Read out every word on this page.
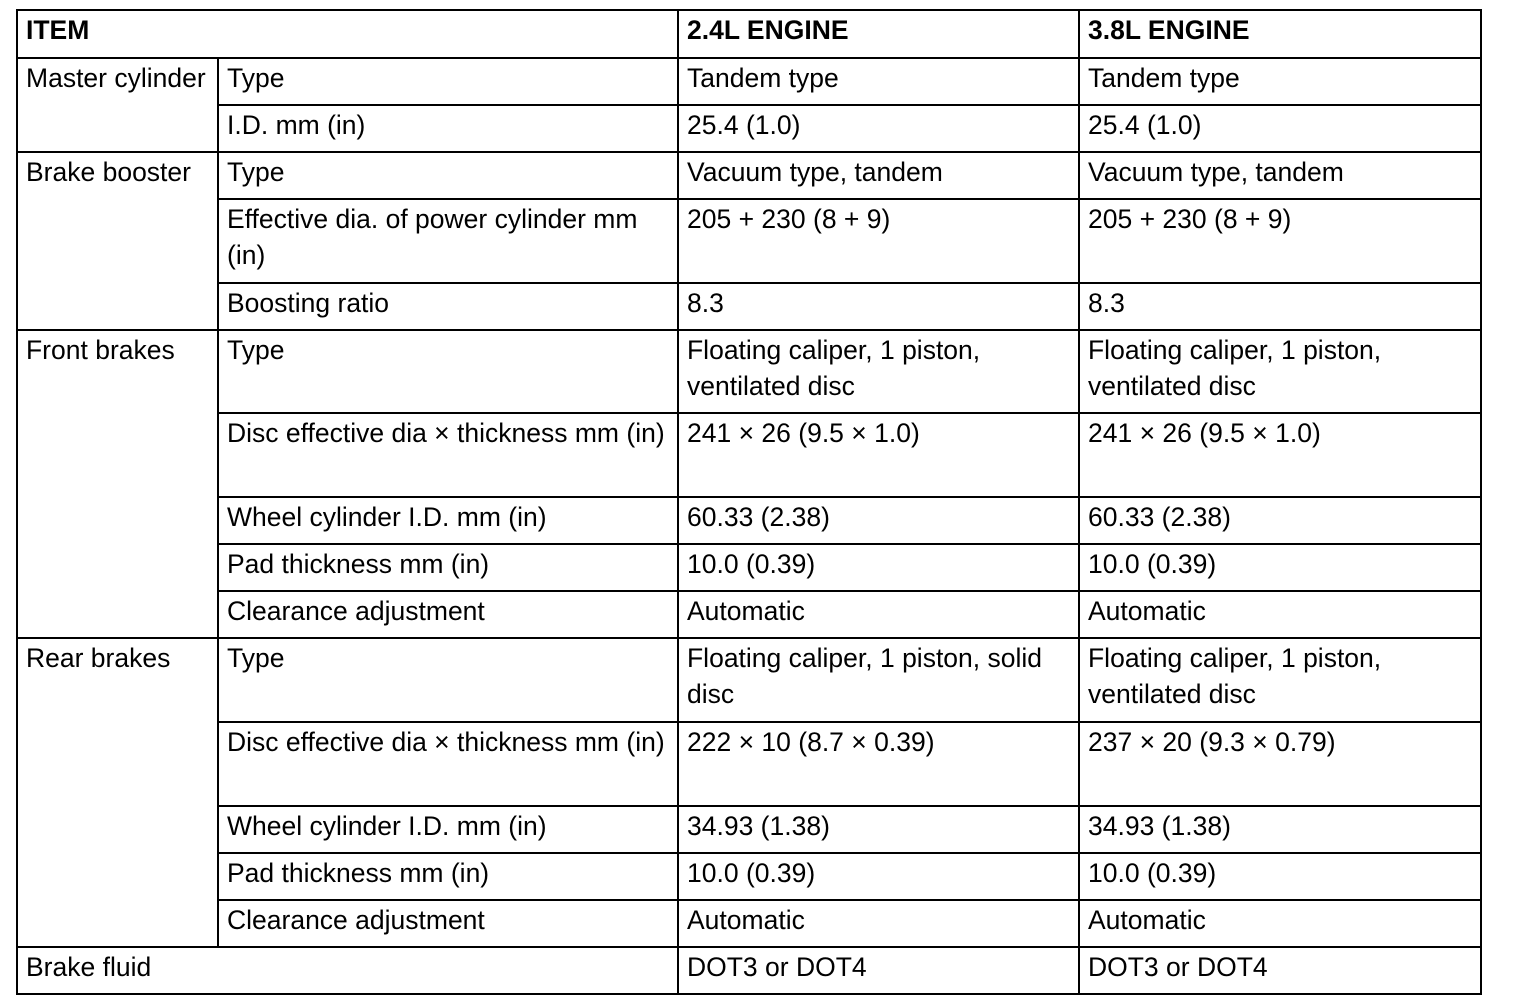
ITEM		2.4L ENGINE	3.8L ENGINE
Master cylinder	Type	Tandem type	Tandem type
	I.D. mm (in)	25.4 (1.0)	25.4 (1.0)
Brake booster	Type	Vacuum type, tandem	Vacuum type, tandem
	Effective dia. of power cylinder mm (in)	205 + 230 (8 + 9)	205 + 230 (8 + 9)
	Boosting ratio	8.3	8.3
Front brakes	Type	Floating caliper, 1 piston, ventilated disc	Floating caliper, 1 piston, ventilated disc
	Disc effective dia × thickness mm (in)	241 × 26 (9.5 × 1.0)	241 × 26 (9.5 × 1.0)
	Wheel cylinder I.D. mm (in)	60.33 (2.38)	60.33 (2.38)
	Pad thickness mm (in)	10.0 (0.39)	10.0 (0.39)
	Clearance adjustment	Automatic	Automatic
Rear brakes	Type	Floating caliper, 1 piston, solid disc	Floating caliper, 1 piston, ventilated disc
	Disc effective dia × thickness mm (in)	222 × 10 (8.7 × 0.39)	237 × 20 (9.3 × 0.79)
	Wheel cylinder I.D. mm (in)	34.93 (1.38)	34.93 (1.38)
	Pad thickness mm (in)	10.0 (0.39)	10.0 (0.39)
	Clearance adjustment	Automatic	Automatic
Brake fluid		DOT3 or DOT4	DOT3 or DOT4
